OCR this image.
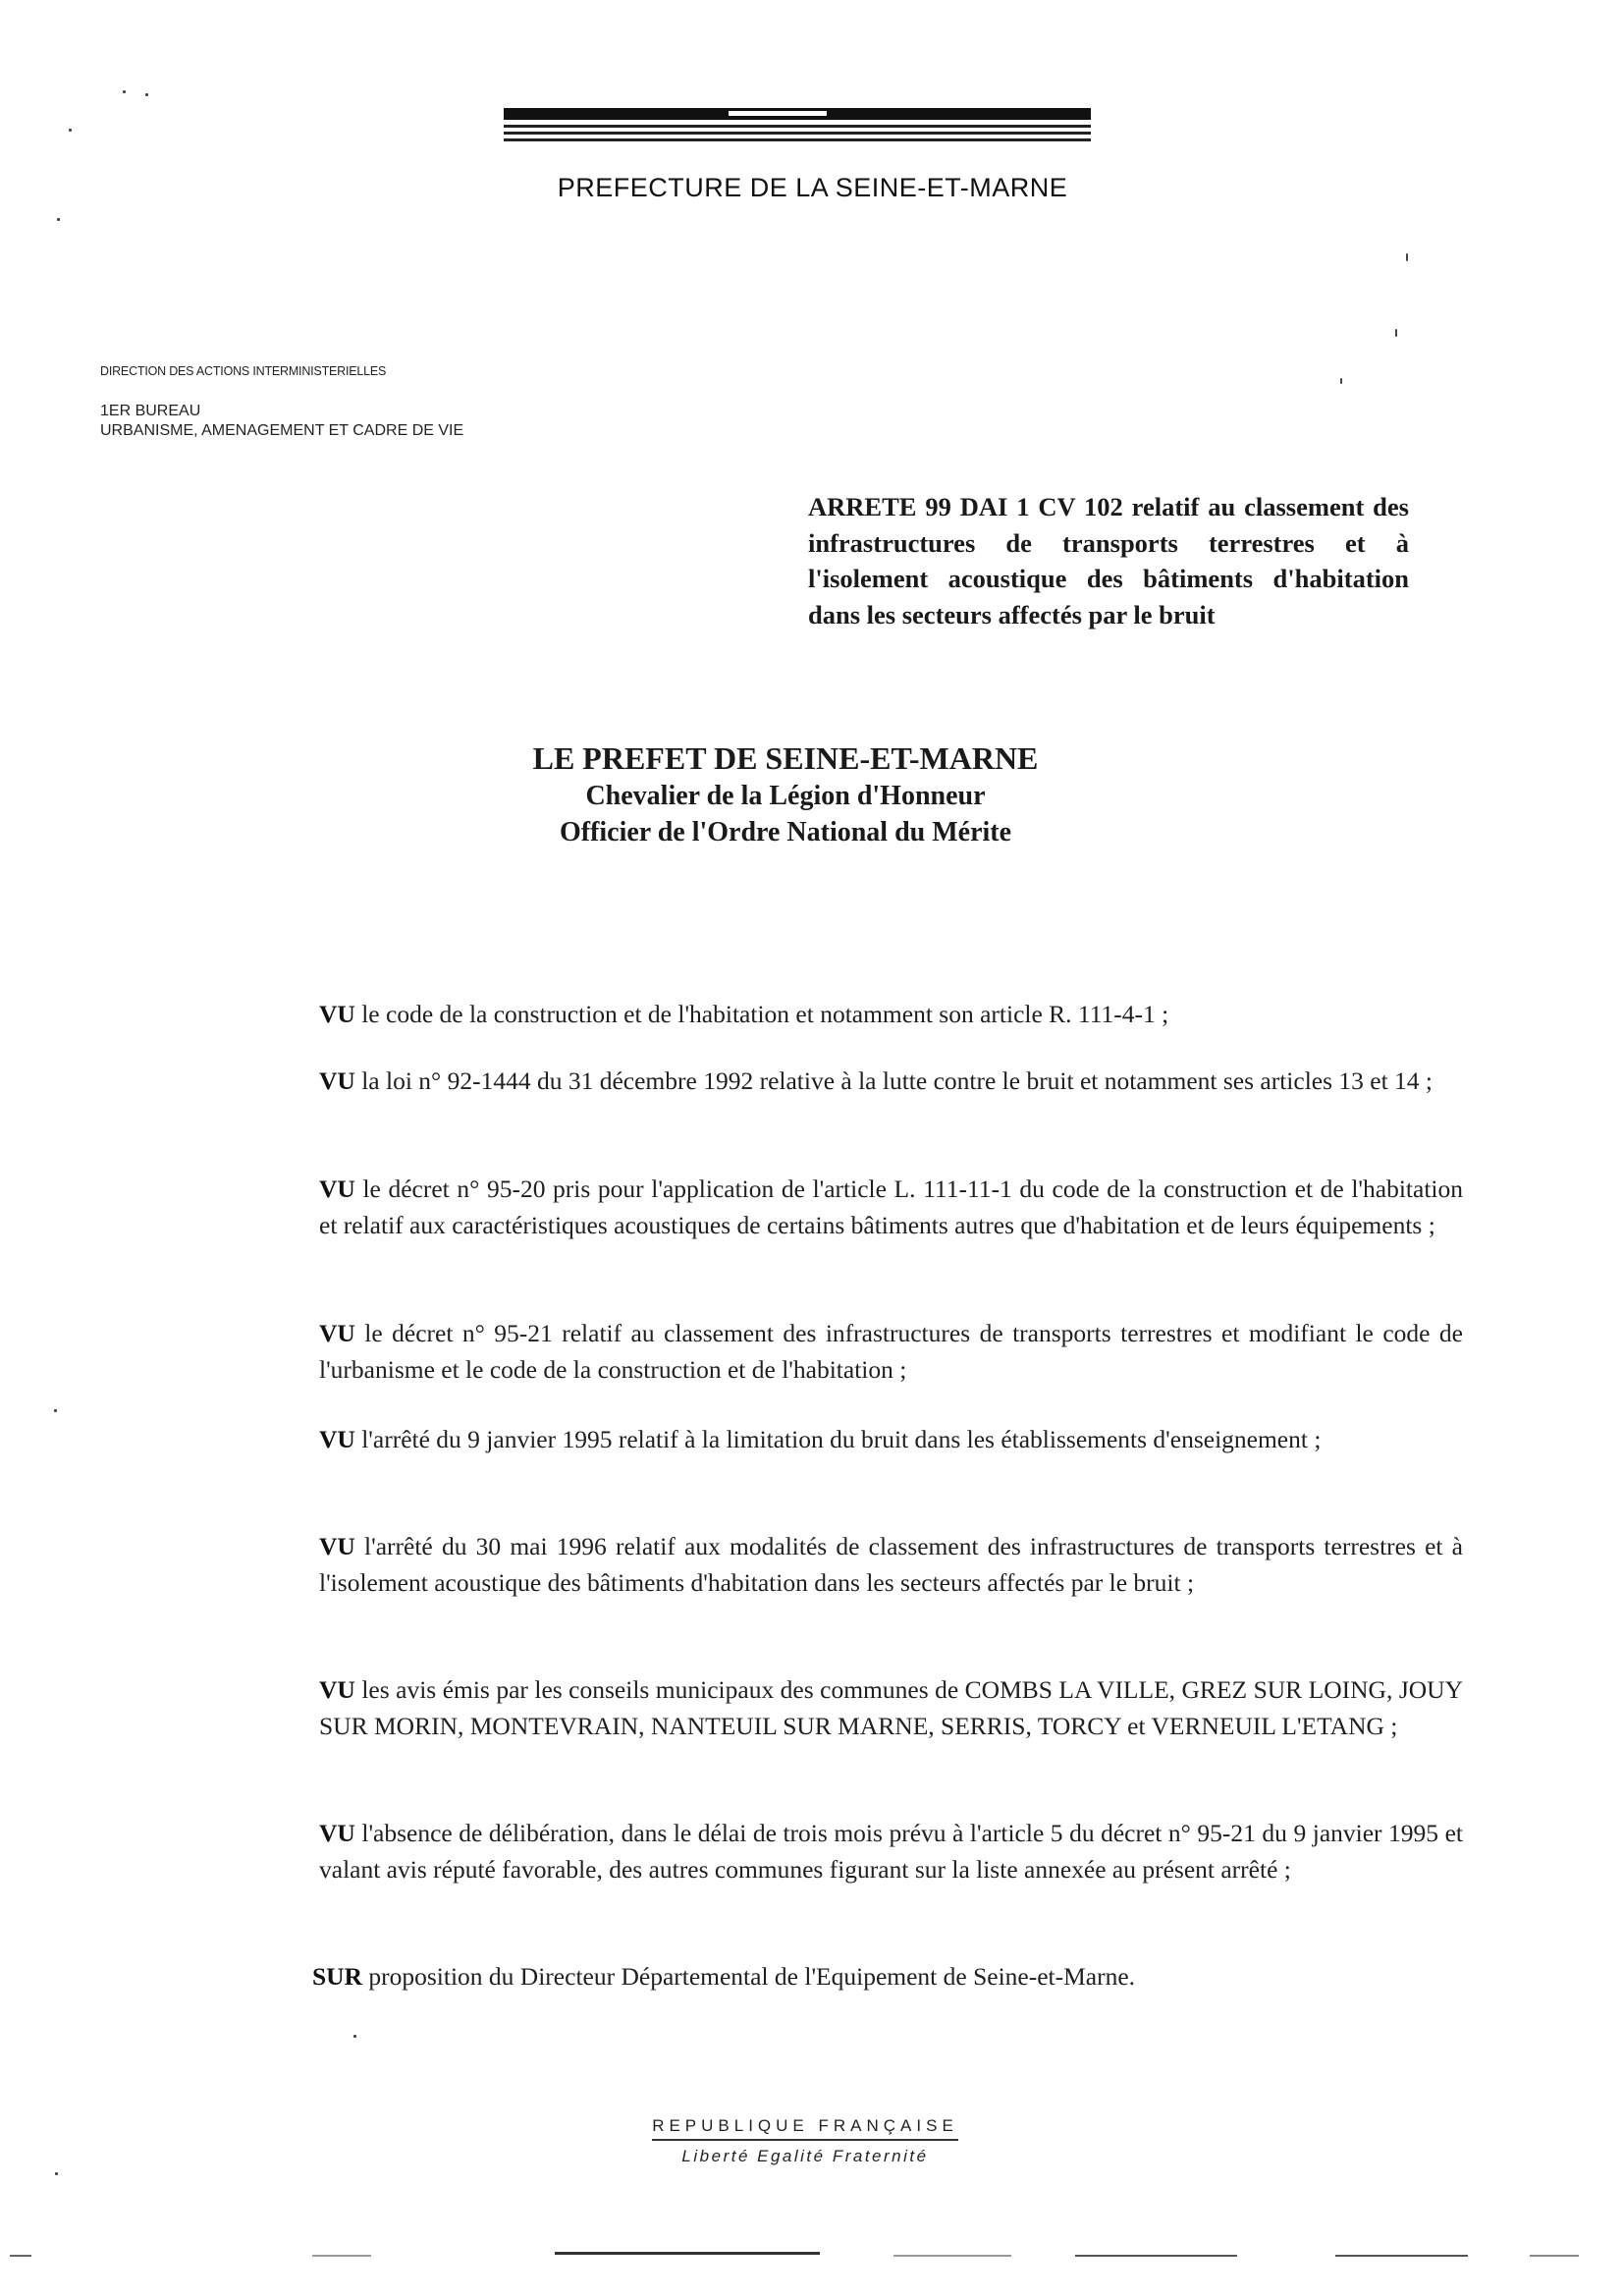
PREFECTURE DE LA SEINE-ET-MARNE
DIRECTION DES ACTIONS INTERMINISTERIELLES
1ER BUREAU
URBANISME, AMENAGEMENT ET CADRE DE VIE
ARRETE 99 DAI 1 CV 102 relatif au classement des infrastructures de transports terrestres et à l'isolement acoustique des bâtiments d'habitation dans les secteurs affectés par le bruit
LE PREFET DE SEINE-ET-MARNE
Chevalier de la Légion d'Honneur
Officier de l'Ordre National du Mérite
VU le code de la construction et de l'habitation et notamment son article R. 111-4-1 ;
VU la loi n° 92-1444 du 31 décembre 1992 relative à la lutte contre le bruit et notamment ses articles 13 et 14 ;
VU le décret n° 95-20 pris pour l'application de l'article L. 111-11-1 du code de la construction et de l'habitation et relatif aux caractéristiques acoustiques de certains bâtiments autres que d'habitation et de leurs équipements ;
VU le décret n° 95-21 relatif au classement des infrastructures de transports terrestres et modifiant le code de l'urbanisme et le code de la construction et de l'habitation ;
VU l'arrêté du 9 janvier 1995 relatif à la limitation du bruit dans les établissements d'enseignement ;
VU l'arrêté du 30 mai 1996 relatif aux modalités de classement des infrastructures de transports terrestres et à l'isolement acoustique des bâtiments d'habitation dans les secteurs affectés par le bruit ;
VU les avis émis par les conseils municipaux des communes de COMBS LA VILLE, GREZ SUR LOING, JOUY SUR MORIN, MONTEVRAIN, NANTEUIL SUR MARNE, SERRIS, TORCY et VERNEUIL L'ETANG ;
VU l'absence de délibération, dans le délai de trois mois prévu à l'article 5 du décret n° 95-21 du 9 janvier 1995 et valant avis réputé favorable, des autres communes figurant sur la liste annexée au présent arrêté ;
SUR proposition du Directeur Départemental de l'Equipement de Seine-et-Marne.
REPUBLIQUE FRANÇAISE
Liberté Egalité Fraternité
